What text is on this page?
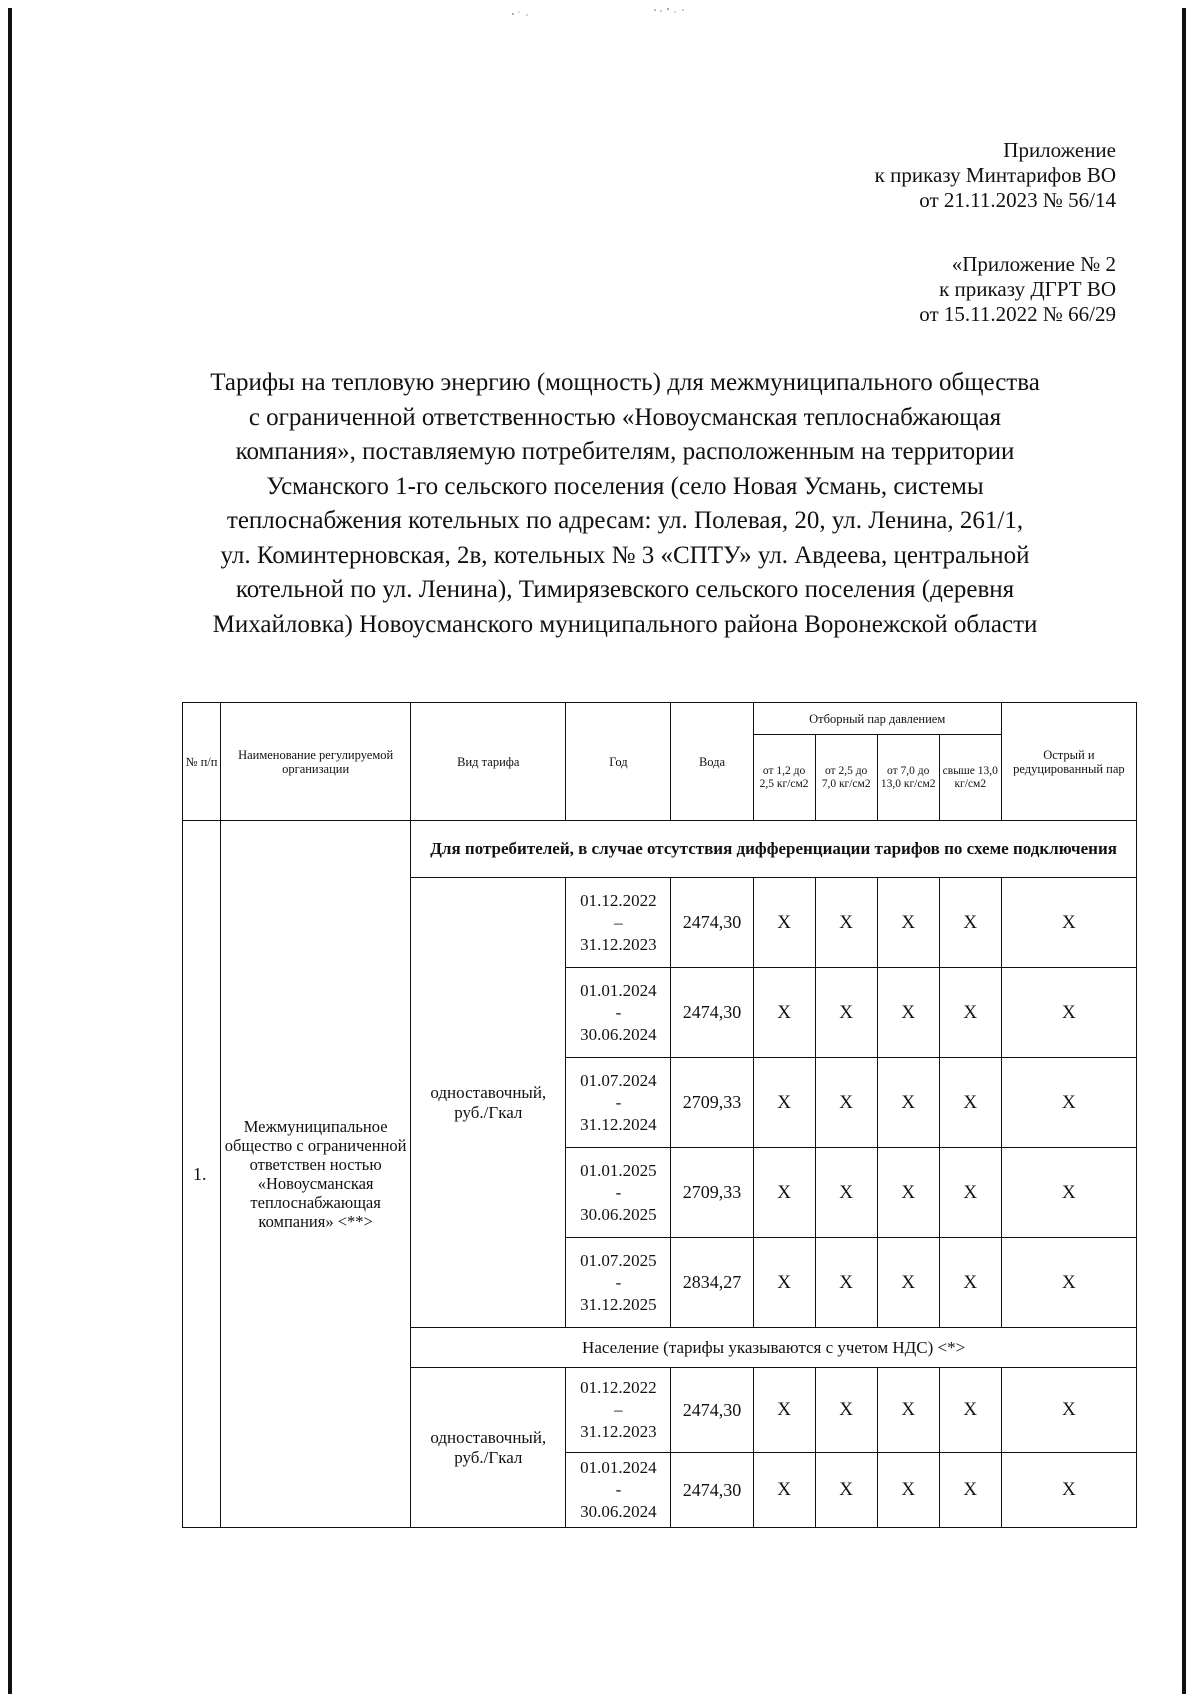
Приложение
к приказу Минтарифов ВО
от 21.11.2023 № 56/14
«Приложение № 2
к приказу ДГРТ ВО
от 15.11.2022 № 66/29
Тарифы на тепловую энергию (мощность) для межмуниципального общества
с ограниченной ответственностью «Новоусманская теплоснабжающая
компания», поставляемую потребителям, расположенным на территории
Усманского 1-го сельского поселения (село Новая Усмань, системы
теплоснабжения котельных по адресам: ул. Полевая, 20, ул. Ленина, 261/1,
ул. Коминтерновская, 2в, котельных № 3 «СПТУ» ул. Авдеева, центральной
котельной по ул. Ленина), Тимирязевского сельского поселения (деревня
Михайловка) Новоусманского муниципального района Воронежской области
№ п/п	Наименование регулируемой организации	Вид тарифа	Год	Вода	Отборный пар давлением				Острый и редуцированный пар
					от 1,2 до 2,5 кг/см2	от 2,5 до 7,0 кг/см2	от 7,0 до 13,0 кг/см2	свыше 13,0 кг/см2	
1.	Межмуниципальное общество с ограниченной ответствен ностью «Новоусманская теплоснабжающая компания» <**>	Для потребителей, в случае отсутствия дифференциации тарифов по схеме подключения							
		одноставочный, руб./Гкал	01.12.2022
–
31.12.2023	2474,30	X	X	X	X	X

			01.01.2024
-
30.06.2024	2474,30	X	X	X	X	X

			01.07.2024
-
31.12.2024	2709,33	X	X	X	X	X

			01.01.2025
-
30.06.2025	2709,33	X	X	X	X	X

			01.07.2025
-
31.12.2025	2834,27	X	X	X	X	X
		Население (тарифы указываются с учетом НДС) <*>							
		одноставочный, руб./Гкал	01.12.2022
–
31.12.2023	2474,30	X	X	X	X	X

			01.01.2024
-
30.06.2024	2474,30	X	X	X	X	X
